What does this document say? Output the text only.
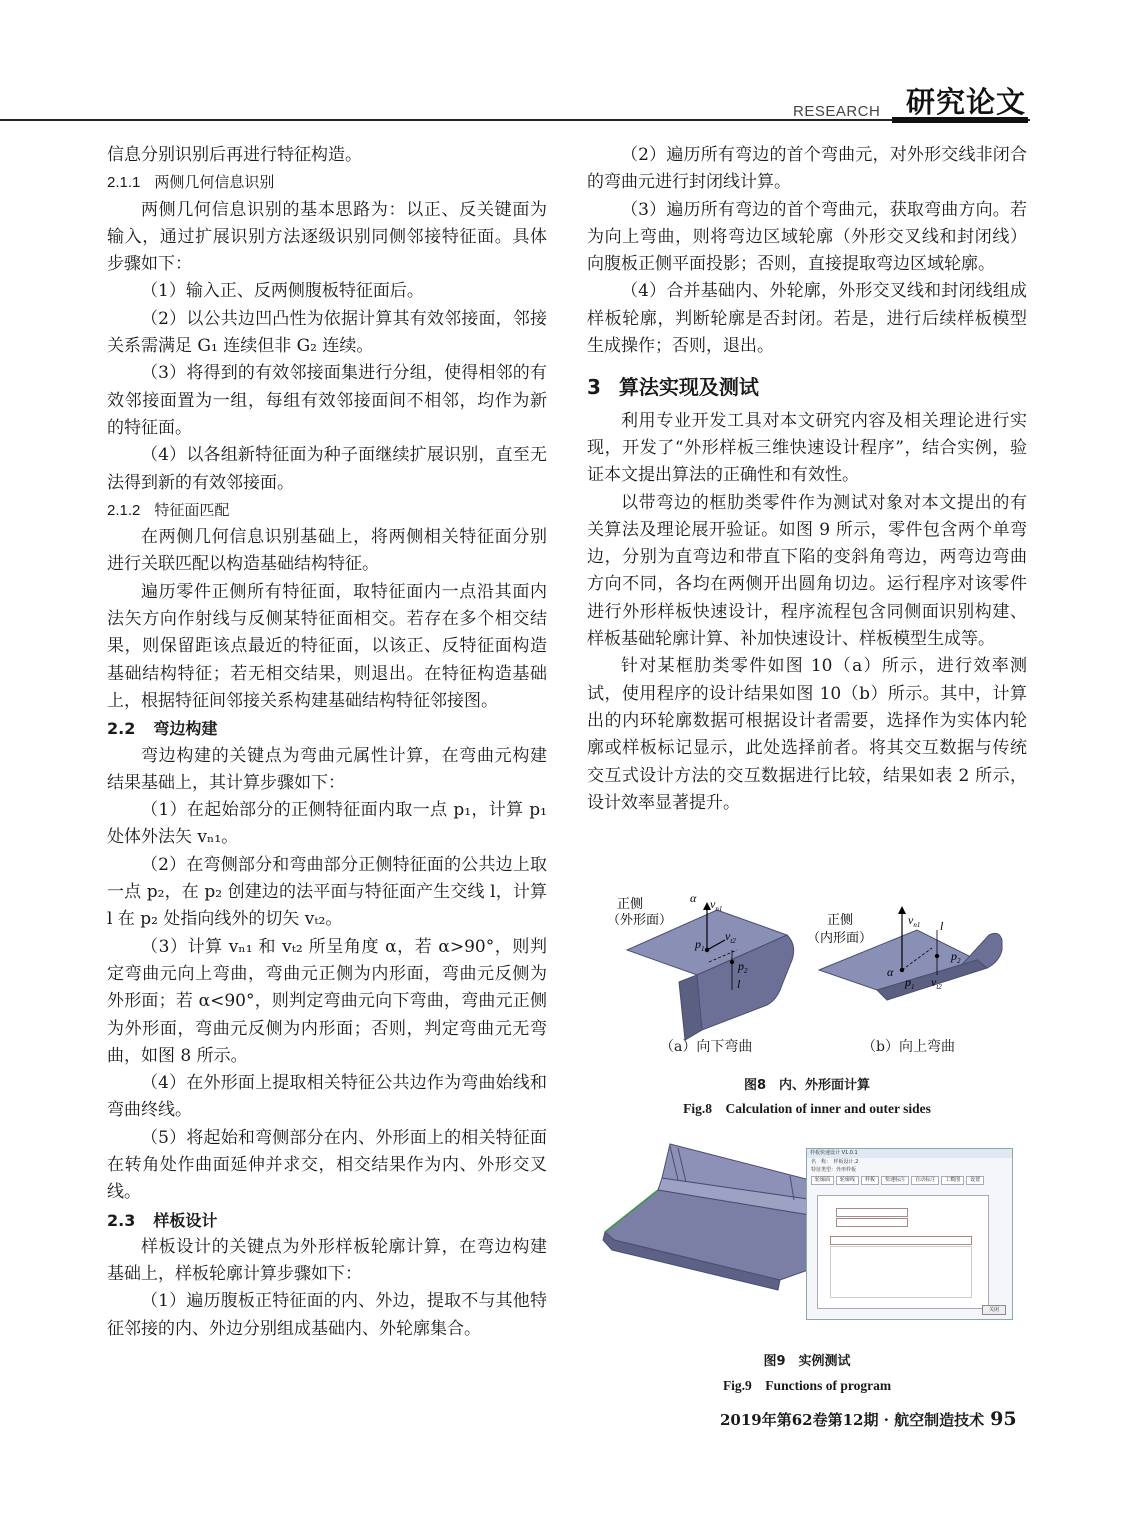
RESEARCH 研究论文

信息分别识别后再进行特征构造。

2.1.1 两侧几何信息识别

两侧几何信息识别的基本思路为：以正、反关键面为输入，通过扩展识别方法逐级识别同侧邻接特征面。具体步骤如下：

（1）输入正、反两侧腹板特征面后。

（2）以公共边凹凸性为依据计算其有效邻接面，邻接关系需满足 G₁ 连续但非 G₂ 连续。

（3）将得到的有效邻接面集进行分组，使得相邻的有效邻接面置为一组，每组有效邻接面间不相邻，均作为新的特征面。

（4）以各组新特征面为种子面继续扩展识别，直至无法得到新的有效邻接面。

2.1.2 特征面匹配

在两侧几何信息识别基础上，将两侧相关特征面分别进行关联匹配以构造基础结构特征。

遍历零件正侧所有特征面，取特征面内一点沿其面内法矢方向作射线与反侧某特征面相交。若存在多个相交结果，则保留距该点最近的特征面，以该正、反特征面构造基础结构特征；若无相交结果，则退出。在特征构造基础上，根据特征间邻接关系构建基础结构特征邻接图。

2.2 弯边构建

弯边构建的关键点为弯曲元属性计算，在弯曲元构建结果基础上，其计算步骤如下：

（1）在起始部分的正侧特征面内取一点 p₁，计算 p₁ 处体外法矢 vₙ₁。

（2）在弯侧部分和弯曲部分正侧特征面的公共边上取一点 p₂，在 p₂ 创建边的法平面与特征面产生交线 l，计算 l 在 p₂ 处指向线外的切矢 vₜ₂。

（3）计算 vₙ₁ 和 vₜ₂ 所呈角度 α，若 α>90°，则判定弯曲元向上弯曲，弯曲元正侧为内形面，弯曲元反侧为外形面；若 α<90°，则判定弯曲元向下弯曲，弯曲元正侧为外形面，弯曲元反侧为内形面；否则，判定弯曲元无弯曲，如图 8 所示。

（4）在外形面上提取相关特征公共边作为弯曲始线和弯曲终线。

（5）将起始和弯侧部分在内、外形面上的相关特征面在转角处作曲面延伸并求交，相交结果作为内、外形交叉线。

2.3 样板设计

样板设计的关键点为外形样板轮廓计算，在弯边构建基础上，样板轮廓计算步骤如下：

（1）遍历腹板正特征面的内、外边，提取不与其他特征邻接的内、外边分别组成基础内、外轮廓集合。

（2）遍历所有弯边的首个弯曲元，对外形交线非闭合的弯曲元进行封闭线计算。

（3）遍历所有弯边的首个弯曲元，获取弯曲方向。若为向上弯曲，则将弯边区域轮廓（外形交叉线和封闭线）向腹板正侧平面投影；否则，直接提取弯边区域轮廓。

（4）合并基础内、外轮廓，外形交叉线和封闭线组成样板轮廓，判断轮廓是否封闭。若是，进行后续样板模型生成操作；否则，退出。

3 算法实现及测试

利用专业开发工具对本文研究内容及相关理论进行实现，开发了“外形样板三维快速设计程序”，结合实例，验证本文提出算法的正确性和有效性。

以带弯边的框肋类零件作为测试对象对本文提出的有关算法及理论展开验证。如图 9 所示，零件包含两个单弯边，分别为直弯边和带直下陷的变斜角弯边，两弯边弯曲方向不同，各均在两侧开出圆角切边。运行程序对该零件进行外形样板快速设计，程序流程包含同侧面识别构建、样板基础轮廓计算、补加快速设计、样板模型生成等。

针对某框肋类零件如图 10（a）所示，进行效率测试，使用程序的设计结果如图 10（b）所示。其中，计算出的内环轮廓数据可根据设计者需要，选择作为实体内轮廓或样板标记显示，此处选择前者。将其交互数据与传统交互式设计方法的交互数据进行比较，结果如表 2 所示，设计效率显著提升。

α $v_{n1}$
$v_{t2}$
$p_1$
$p_2$
l
正侧
（外形面）	$v_{n1}$ l
$p_2$
α
$p_1$ $v_{t2}$
正侧
（内形面）
（a）向下弯曲	（b）向上弯曲
图8　内、外形面计算
Fig.8　Calculation of inner and outer sides
样板快速设计 V1.0.1
名　称：　样板设计.2
特征类型：外形样板
轮廓面	轮廓线	样板	快速标注	自动标注	工模图	设置
关闭
图9　实例测试
Fig.9　Functions of program
2019年第62卷第12期 · 航空制造技术 95
